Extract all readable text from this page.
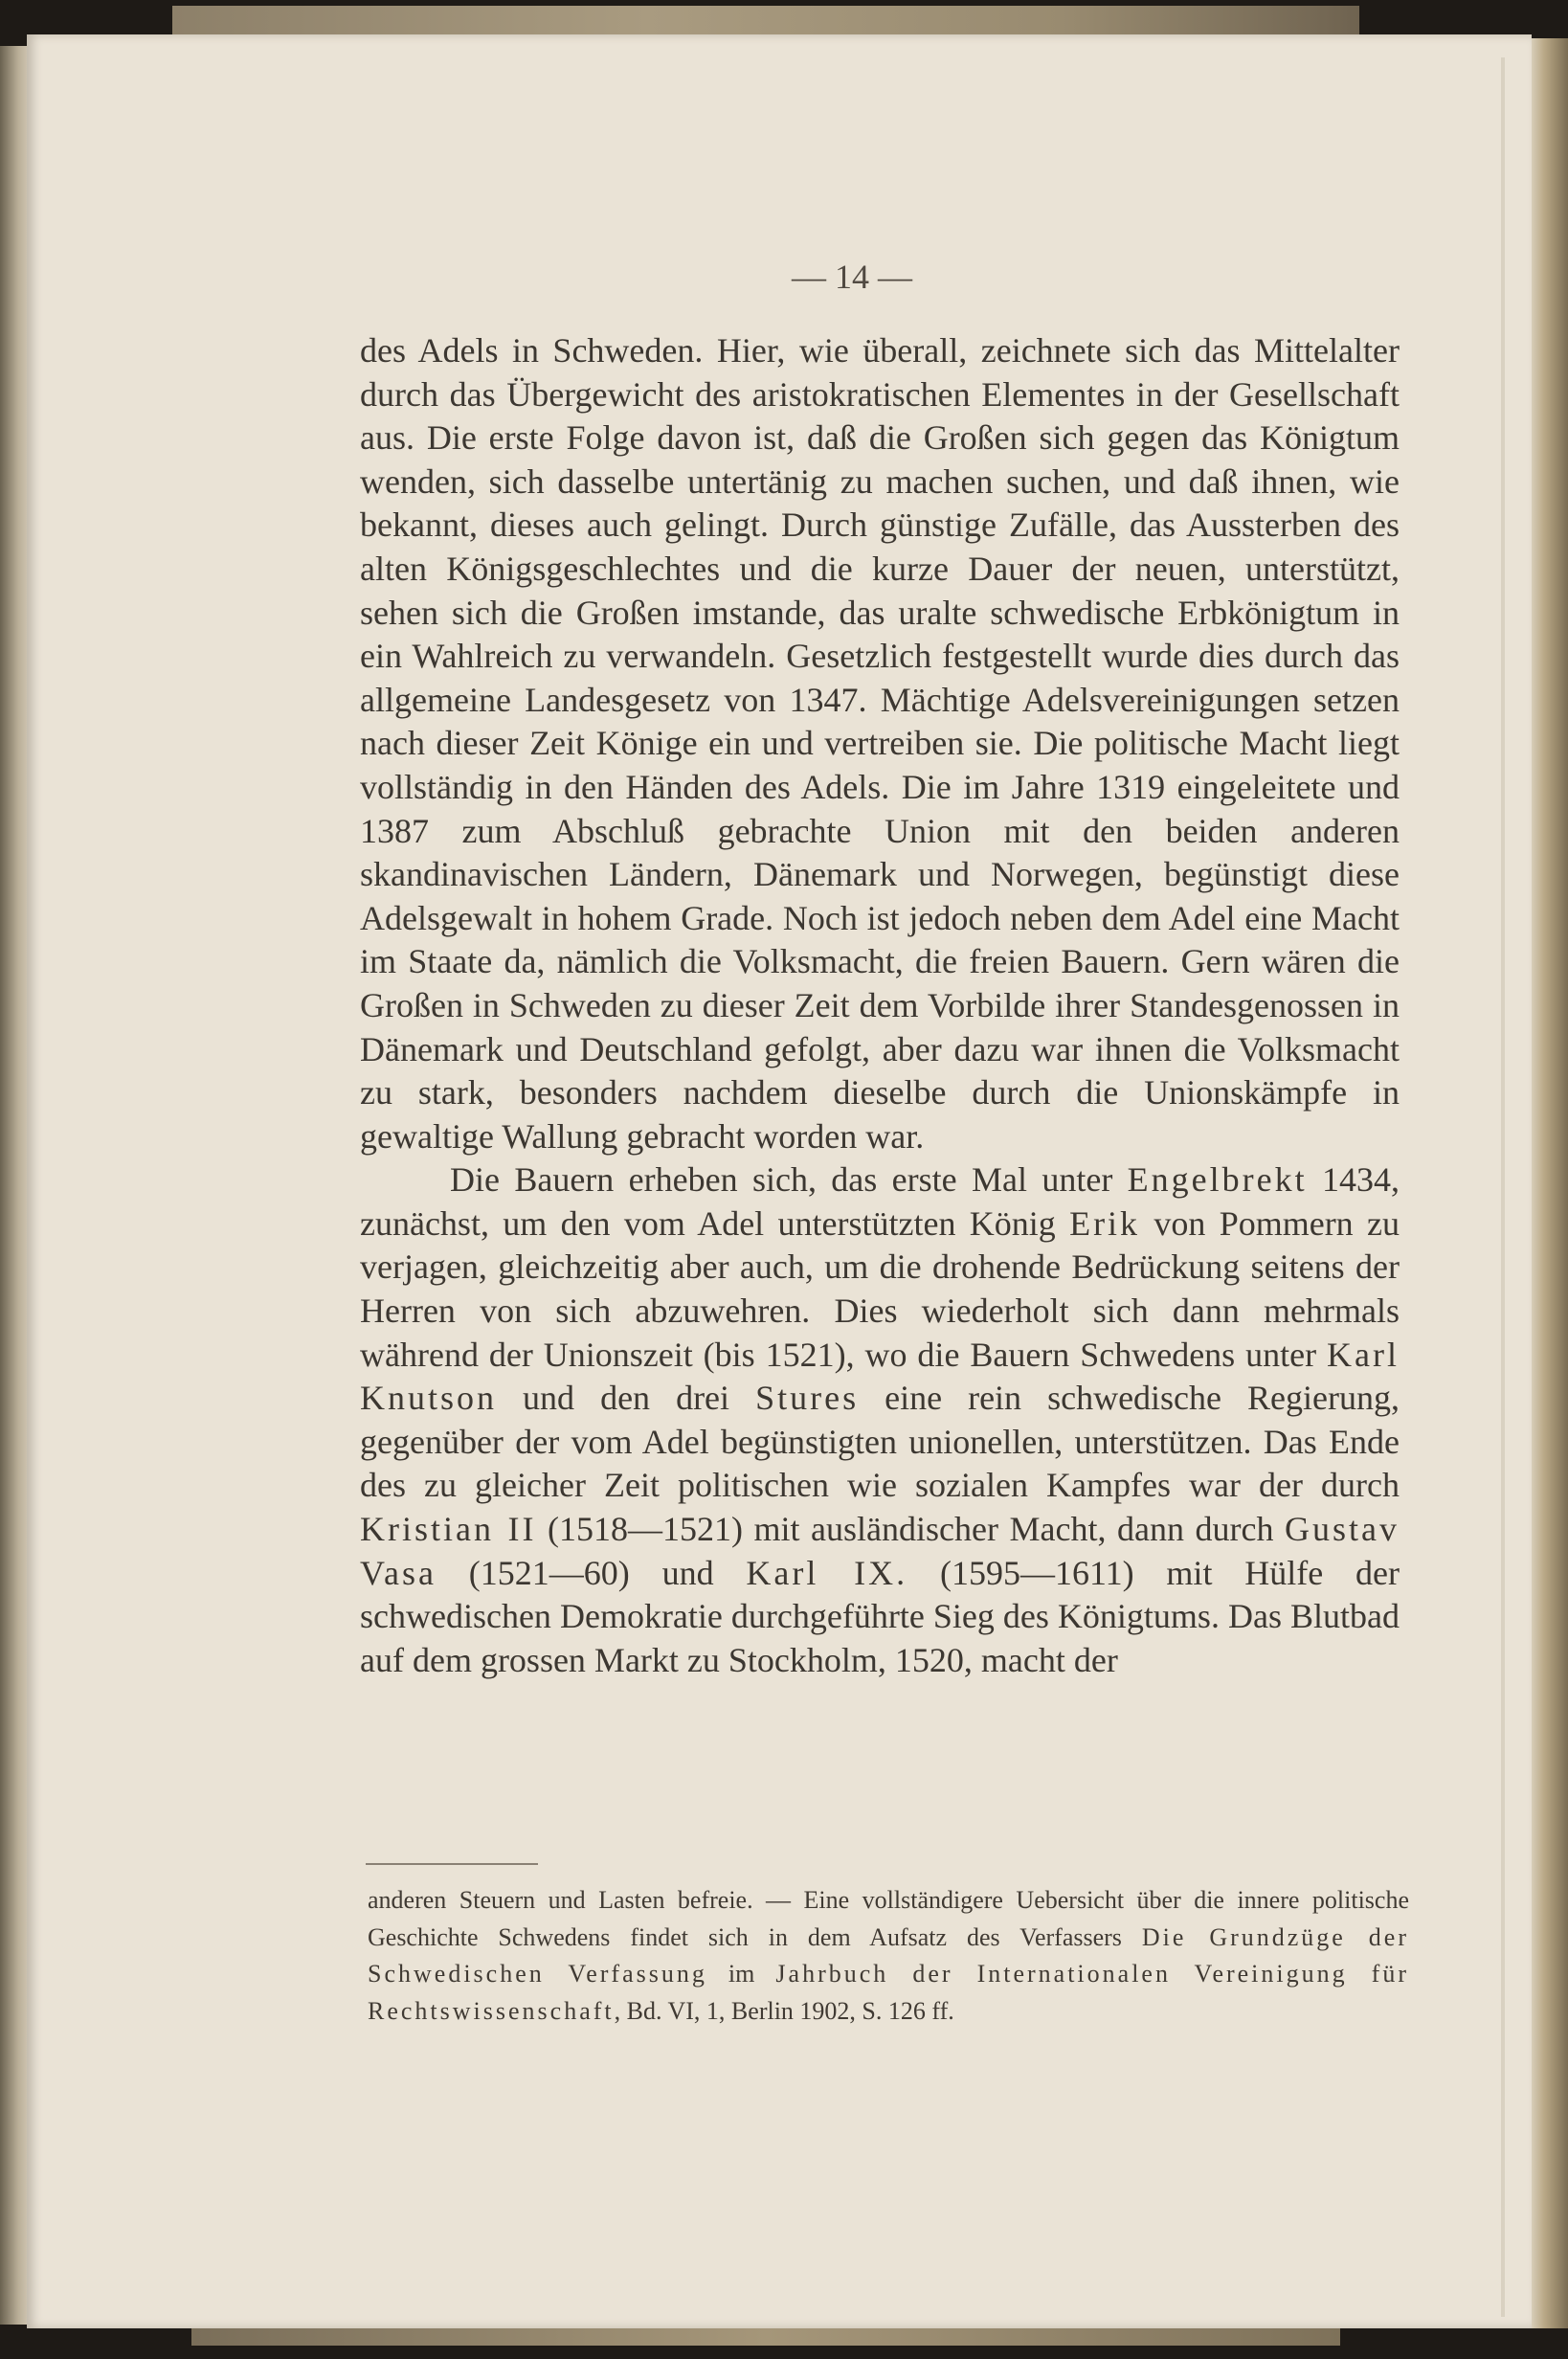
— 14 —

des Adels in Schweden. Hier, wie überall, zeichnete sich das Mittelalter durch das Übergewicht des aristokratischen Elementes in der Gesellschaft aus. Die erste Folge davon ist, daß die Großen sich gegen das Königtum wenden, sich dasselbe untertänig zu machen suchen, und daß ihnen, wie bekannt, dieses auch gelingt. Durch günstige Zufälle, das Aussterben des alten Königsgeschlechtes und die kurze Dauer der neuen, unterstützt, sehen sich die Großen imstande, das uralte schwedische Erbkönigtum in ein Wahlreich zu verwandeln. Gesetzlich festgestellt wurde dies durch das allgemeine Landesgesetz von 1347. Mächtige Adelsvereinigungen setzen nach dieser Zeit Könige ein und vertreiben sie. Die politische Macht liegt vollständig in den Händen des Adels. Die im Jahre 1319 eingeleitete und 1387 zum Abschluß gebrachte Union mit den beiden anderen skandinavischen Ländern, Dänemark und Norwegen, begünstigt diese Adelsgewalt in hohem Grade. Noch ist jedoch neben dem Adel eine Macht im Staate da, nämlich die Volksmacht, die freien Bauern. Gern wären die Großen in Schweden zu dieser Zeit dem Vorbilde ihrer Standesgenossen in Dänemark und Deutschland gefolgt, aber dazu war ihnen die Volksmacht zu stark, besonders nachdem dieselbe durch die Unionskämpfe in gewaltige Wallung gebracht worden war.

Die Bauern erheben sich, das erste Mal unter Engelbrekt 1434, zunächst, um den vom Adel unterstützten König Erik von Pommern zu verjagen, gleichzeitig aber auch, um die drohende Bedrückung seitens der Herren von sich abzuwehren. Dies wiederholt sich dann mehrmals während der Unionszeit (bis 1521), wo die Bauern Schwedens unter Karl Knutson und den drei Stures eine rein schwedische Regierung, gegenüber der vom Adel begünstigten unionellen, unterstützen. Das Ende des zu gleicher Zeit politischen wie sozialen Kampfes war der durch Kristian II (1518—1521) mit ausländischer Macht, dann durch Gustav Vasa (1521—60) und Karl IX. (1595—1611) mit Hülfe der schwedischen Demokratie durchgeführte Sieg des Königtums. Das Blutbad auf dem grossen Markt zu Stockholm, 1520, macht der

anderen Steuern und Lasten befreie. — Eine vollständigere Uebersicht über die innere politische Geschichte Schwedens findet sich in dem Aufsatz des Verfassers Die Grundzüge der Schwedischen Verfassung im Jahrbuch der Internationalen Vereinigung für Rechtswissenschaft, Bd. VI, 1, Berlin 1902, S. 126 ff.
